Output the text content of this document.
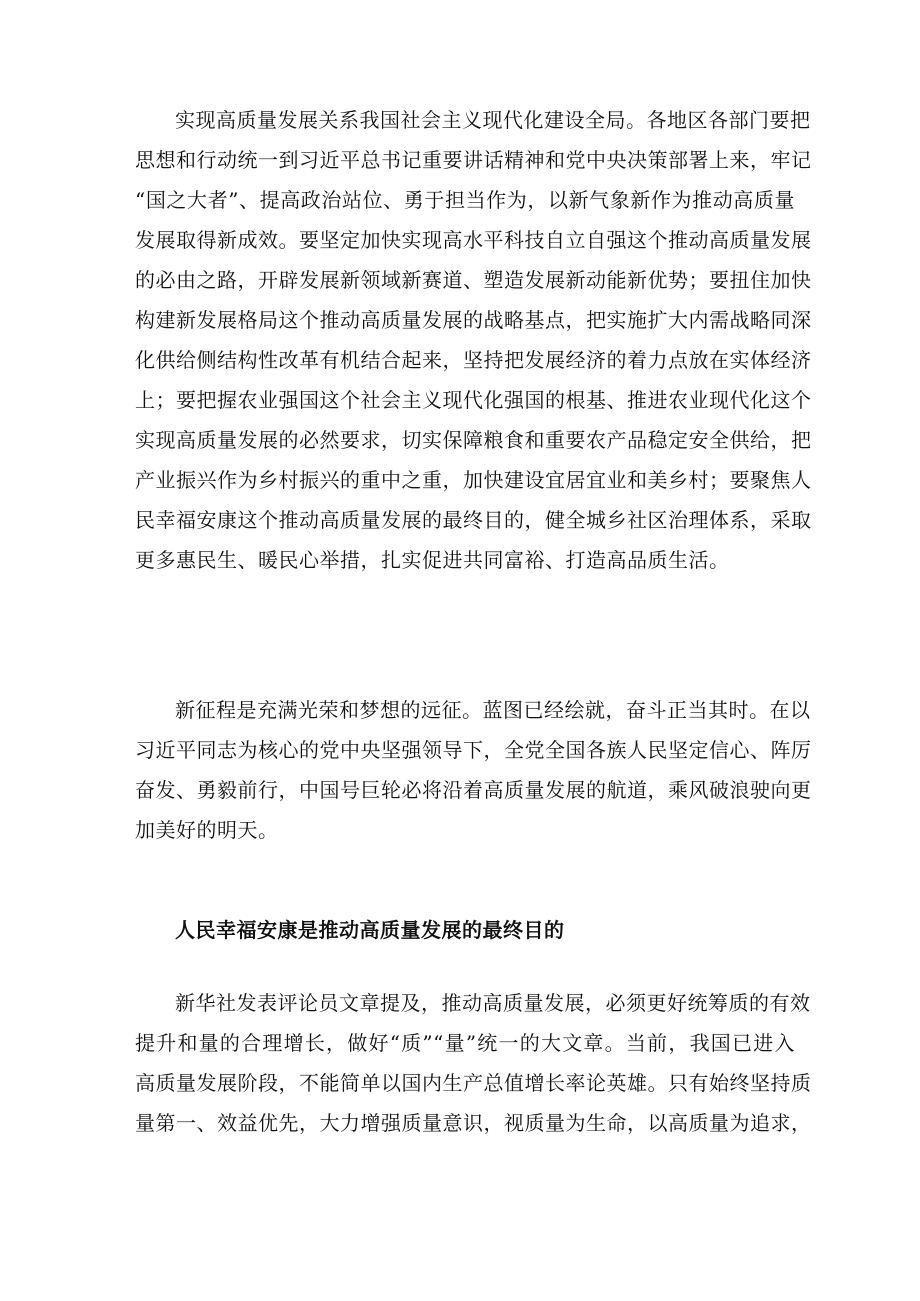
实现高质量发展关系我国社会主义现代化建设全局。各地区各部门要把
思想和行动统一到习近平总书记重要讲话精神和党中央决策部署上来，牢记
“国之大者”、提高政治站位、勇于担当作为，以新气象新作为推动高质量
发展取得新成效。要坚定加快实现高水平科技自立自强这个推动高质量发展
的必由之路，开辟发展新领域新赛道、塑造发展新动能新优势；要扭住加快
构建新发展格局这个推动高质量发展的战略基点，把实施扩大内需战略同深
化供给侧结构性改革有机结合起来，坚持把发展经济的着力点放在实体经济
上；要把握农业强国这个社会主义现代化强国的根基、推进农业现代化这个
实现高质量发展的必然要求，切实保障粮食和重要农产品稳定安全供给，把
产业振兴作为乡村振兴的重中之重，加快建设宜居宜业和美乡村；要聚焦人
民幸福安康这个推动高质量发展的最终目的，健全城乡社区治理体系，采取
更多惠民生、暖民心举措，扎实促进共同富裕、打造高品质生活。
新征程是充满光荣和梦想的远征。蓝图已经绘就，奋斗正当其时。在以
习近平同志为核心的党中央坚强领导下，全党全国各族人民坚定信心、阵厉
奋发、勇毅前行，中国号巨轮必将沿着高质量发展的航道，乘风破浪驶向更
加美好的明天。
人民幸福安康是推动高质量发展的最终目的
新华社发表评论员文章提及，推动高质量发展，必须更好统筹质的有效
提升和量的合理增长，做好“质”“量”统一的大文章。当前，我国已进入
高质量发展阶段，不能简单以国内生产总值增长率论英雄。只有始终坚持质
量第一、效益优先，大力增强质量意识，视质量为生命，以高质量为追求，
